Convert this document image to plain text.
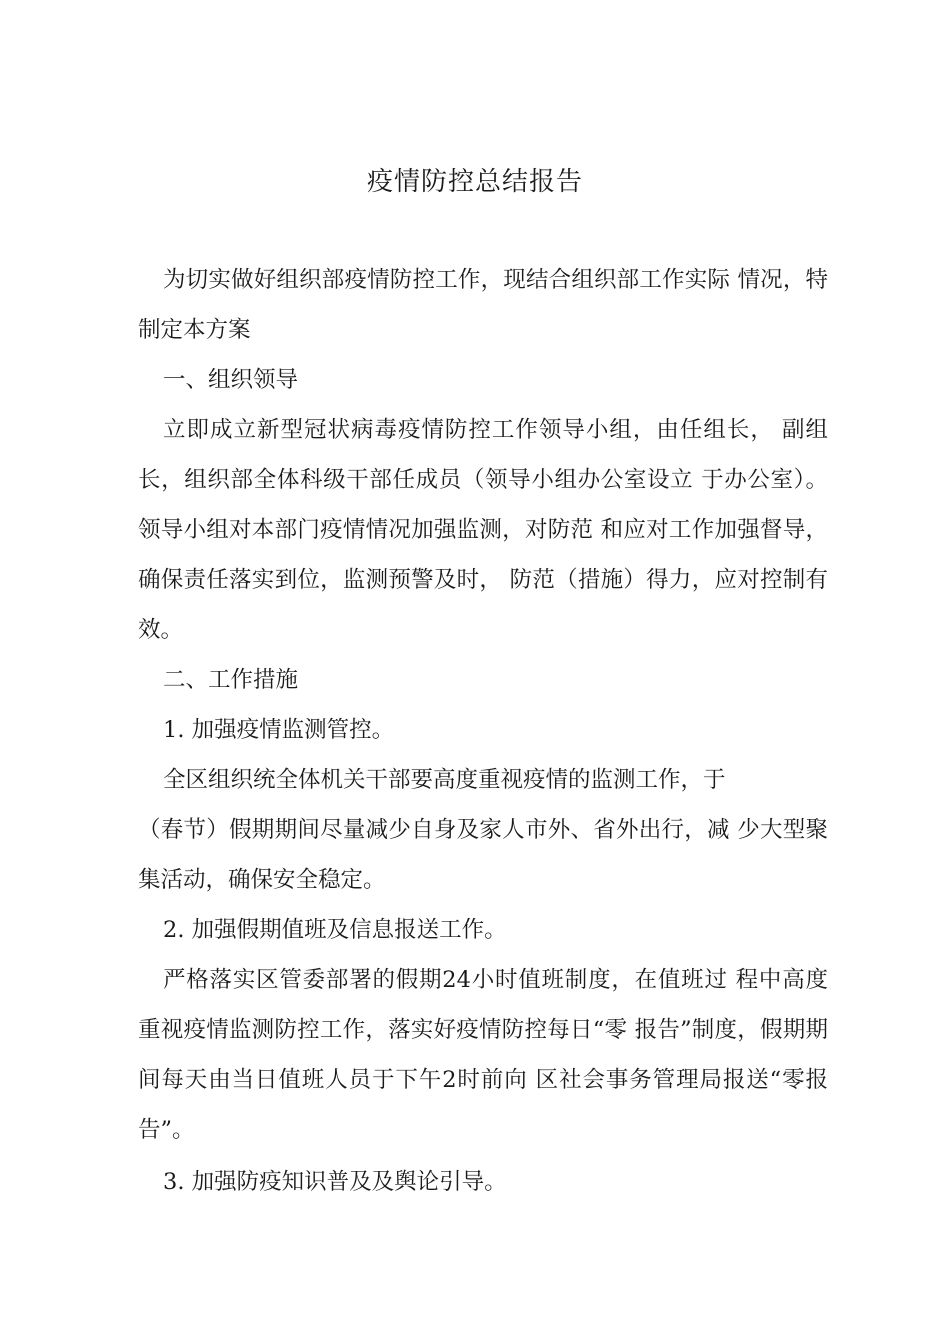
疫情防控总结报告

为切实做好组织部疫情防控工作，现结合组织部工作实际 情况，特制定本方案

一、组织领导

立即成立新型冠状病毒疫情防控工作领导小组，由任组长， 副组长，组织部全体科级干部任成员（领导小组办公室设立 于办公室）。领导小组对本部门疫情情况加强监测，对防范 和应对工作加强督导，确保责任落实到位，监测预警及时， 防范（措施）得力，应对控制有效。

二、工作措施

1. 加强疫情监测管控。

全区组织统全体机关干部要高度重视疫情的监测工作，于

（春节）假期期间尽量减少自身及家人市外、省外出行，减 少大型聚集活动，确保安全稳定。

2. 加强假期值班及信息报送工作。

严格落实区管委部署的假期24小时值班制度，在值班过 程中高度重视疫情监测防控工作，落实好疫情防控每日“零 报告”制度，假期期间每天由当日值班人员于下午2时前向 区社会事务管理局报送“零报告”。

3. 加强防疫知识普及及舆论引导。
